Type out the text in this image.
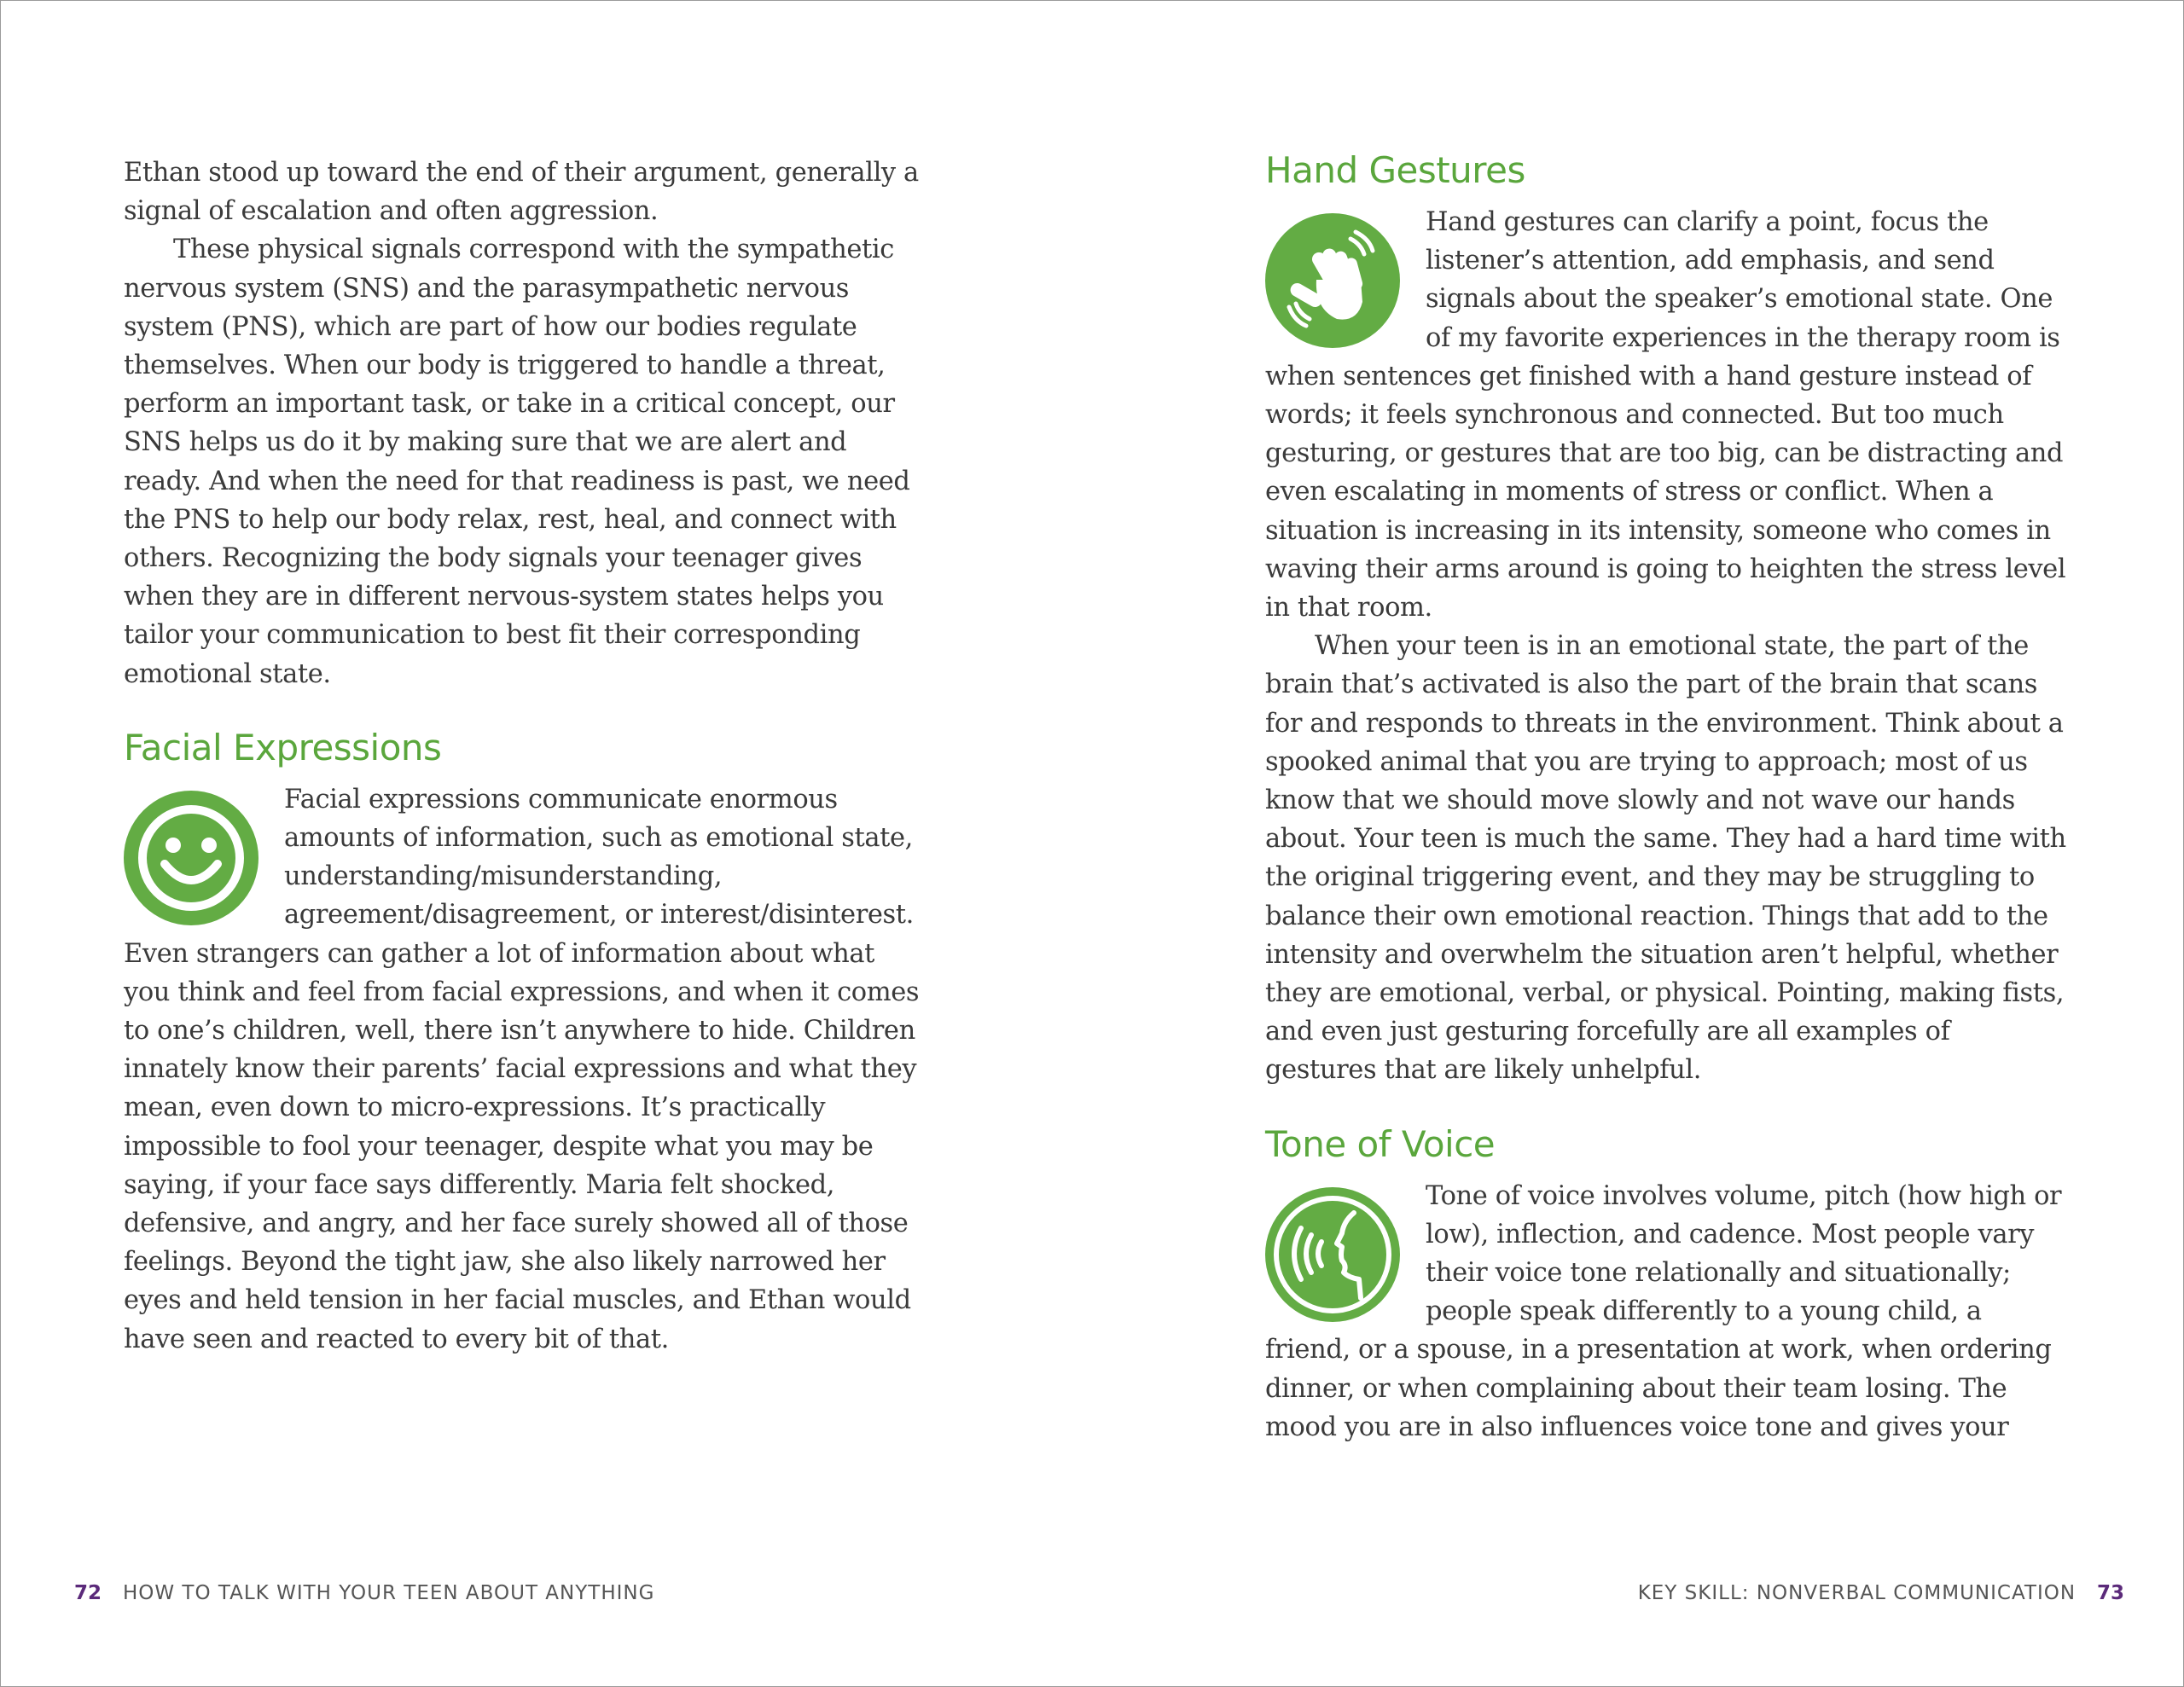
Ethan stood up toward the end of their argument, generally a signal of escalation and often aggression.
These physical signals correspond with the sympathetic nervous system (SNS) and the parasympathetic nervous system (PNS), which are part of how our bodies regulate themselves. When our body is triggered to handle a threat, perform an important task, or take in a critical concept, our SNS helps us do it by making sure that we are alert and ready. And when the need for that readiness is past, we need the PNS to help our body relax, rest, heal, and connect with others. Recognizing the body signals your teenager gives when they are in different nervous-system states helps you tailor your communication to best fit their corresponding emotional state.

Facial Expressions

Facial expressions communicate enormous amounts of information, such as emotional state, understanding/misunderstanding, agreement/disagreement, or interest/disinterest. Even strangers can gather a lot of information about what you think and feel from facial expressions, and when it comes to one’s children, well, there isn’t anywhere to hide. Children innately know their parents’ facial expressions and what they mean, even down to micro-expressions. It’s practically impossible to fool your teenager, despite what you may be saying, if your face says differently. Maria felt shocked, defensive, and angry, and her face surely showed all of those feelings. Beyond the tight jaw, she also likely narrowed her eyes and held tension in her facial muscles, and Ethan would have seen and reacted to every bit of that.

72 HOW TO TALK WITH YOUR TEEN ABOUT ANYTHING
Hand Gestures

Hand gestures can clarify a point, focus the listener’s attention, add emphasis, and send signals about the speaker’s emotional state. One of my favorite experiences in the therapy room is when sentences get finished with a hand gesture instead of words; it feels synchronous and connected. But too much gesturing, or gestures that are too big, can be distracting and even escalating in moments of stress or conflict. When a situation is increasing in its intensity, someone who comes in waving their arms around is going to heighten the stress level in that room.
When your teen is in an emotional state, the part of the brain that’s activated is also the part of the brain that scans for and responds to threats in the environment. Think about a spooked animal that you are trying to approach; most of us know that we should move slowly and not wave our hands about. Your teen is much the same. They had a hard time with the original triggering event, and they may be struggling to balance their own emotional reaction. Things that add to the intensity and overwhelm the situation aren’t helpful, whether they are emotional, verbal, or physical. Pointing, making fists, and even just gesturing forcefully are all examples of gestures that are likely unhelpful.

Tone of Voice

Tone of voice involves volume, pitch (how high or low), inflection, and cadence. Most people vary their voice tone relationally and situationally; people speak differently to a young child, a friend, or a spouse, in a presentation at work, when ordering dinner, or when complaining about their team losing. The mood you are in also influences voice tone and gives your

KEY SKILL: NONVERBAL COMMUNICATION 73
